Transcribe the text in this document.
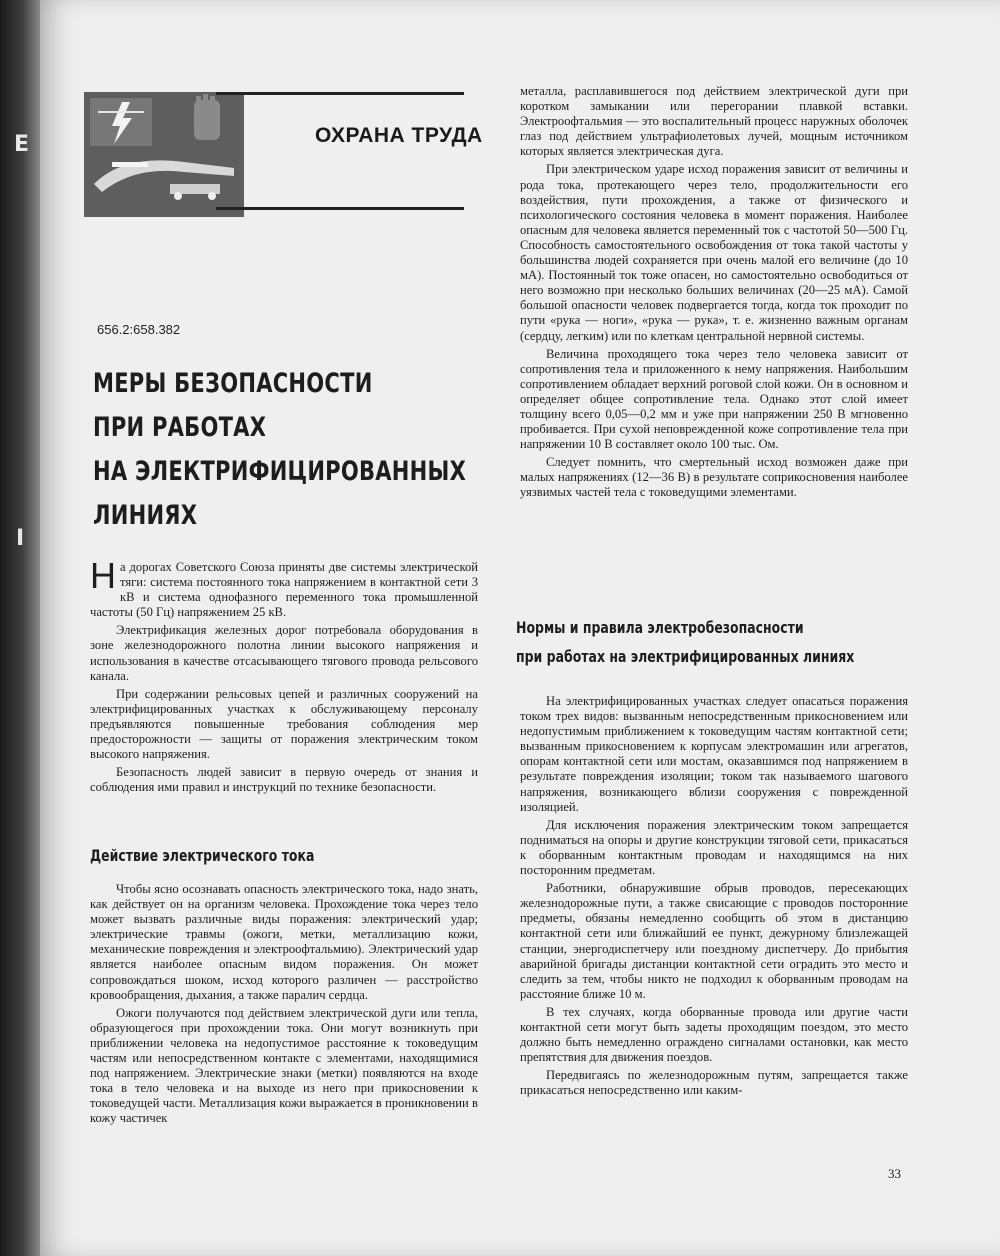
E
I
ОХРАНА ТРУДА
656.2:658.382
МЕРЫ БЕЗОПАСНОСТИ
ПРИ РАБОТАХ
НА ЭЛЕКТРИФИЦИРОВАННЫХ
ЛИНИЯХ

На дорогах Советского Союза приняты две системы электрической тяги: система постоянного тока напряжением в контактной сети 3 кВ и система однофазного переменного тока промышленной частоты (50 Гц) напряжением 25 кВ.

Электрификация железных дорог потребовала оборудования в зоне железнодорожного полотна линии высокого напряжения и использования в качестве отсасывающего тягового провода рельсового канала.

При содержании рельсовых цепей и различных сооружений на электрифицированных участках к обслуживающему персоналу предъявляются повышенные требования соблюдения мер предосторожности — защиты от поражения электрическим током высокого напряжения.

Безопасность людей зависит в первую очередь от знания и соблюдения ими правил и инструкций по технике безопасности.

Действие электрического тока

Чтобы ясно осознавать опасность электрического тока, надо знать, как действует он на организм человека. Прохождение тока через тело может вызвать различные виды поражения: электрический удар; электрические травмы (ожоги, метки, металлизацию кожи, механические повреждения и электроофтальмию). Электрический удар является наиболее опасным видом поражения. Он может сопровождаться шоком, исход которого различен — расстройство кровообращения, дыхания, а также паралич сердца.

Ожоги получаются под действием электрической дуги или тепла, образующегося при прохождении тока. Они могут возникнуть при приближении человека на недопустимое расстояние к токоведущим частям или непосредственном контакте с элементами, находящимися под напряжением. Электрические знаки (метки) появляются на входе тока в тело человека и на выходе из него при прикосновении к токоведущей части. Металлизация кожи выражается в проникновении в кожу частичек

металла, расплавившегося под действием электрической дуги при коротком замыкании или перегорании плавкой вставки. Электроофтальмия — это воспалительный процесс наружных оболочек глаз под действием ультрафиолетовых лучей, мощным источником которых является электрическая дуга.

При электрическом ударе исход поражения зависит от величины и рода тока, протекающего через тело, продолжительности его воздействия, пути прохождения, а также от физического и психологического состояния человека в момент поражения. Наиболее опасным для человека является переменный ток с частотой 50—500 Гц. Способность самостоятельного освобождения от тока такой частоты у большинства людей сохраняется при очень малой его величине (до 10 мА). Постоянный ток тоже опасен, но самостоятельно освободиться от него возможно при несколько больших величинах (20—25 мА). Самой большой опасности человек подвергается тогда, когда ток проходит по пути «рука — ноги», «рука — рука», т. е. жизненно важным органам (сердцу, легким) или по клеткам центральной нервной системы.

Величина проходящего тока через тело человека зависит от сопротивления тела и приложенного к нему напряжения. Наибольшим сопротивлением обладает верхний роговой слой кожи. Он в основном и определяет общее сопротивление тела. Однако этот слой имеет толщину всего 0,05—0,2 мм и уже при напряжении 250 В мгновенно пробивается. При сухой неповрежденной коже сопротивление тела при напряжении 10 В составляет около 100 тыс. Ом.

Следует помнить, что смертельный исход возможен даже при малых напряжениях (12—36 В) в результате соприкосновения наиболее уязвимых частей тела с токоведущими элементами.

Нормы и правила электробезопасности
при работах на электрифицированных линиях

На электрифицированных участках следует опасаться поражения током трех видов: вызванным непосредственным прикосновением или недопустимым приближением к токоведущим частям контактной сети; вызванным прикосновением к корпусам электромашин или агрегатов, опорам контактной сети или мостам, оказавшимся под напряжением в результате повреждения изоляции; током так называемого шагового напряжения, возникающего вблизи сооружения с поврежденной изоляцией.

Для исключения поражения электрическим током запрещается подниматься на опоры и другие конструкции тяговой сети, прикасаться к оборванным контактным проводам и находящимся на них посторонним предметам.

Работники, обнаружившие обрыв проводов, пересекающих железнодорожные пути, а также свисающие с проводов посторонние предметы, обязаны немедленно сообщить об этом в дистанцию контактной сети или ближайший ее пункт, дежурному близлежащей станции, энергодиспетчеру или поездному диспетчеру. До прибытия аварийной бригады дистанции контактной сети оградить это место и следить за тем, чтобы никто не подходил к оборванным проводам на расстояние ближе 10 м.

В тех случаях, когда оборванные провода или другие части контактной сети могут быть задеты проходящим поездом, это место должно быть немедленно ограждено сигналами остановки, как место препятствия для движения поездов.

Передвигаясь по железнодорожным путям, запрещается также прикасаться непосредственно или каким-

33
